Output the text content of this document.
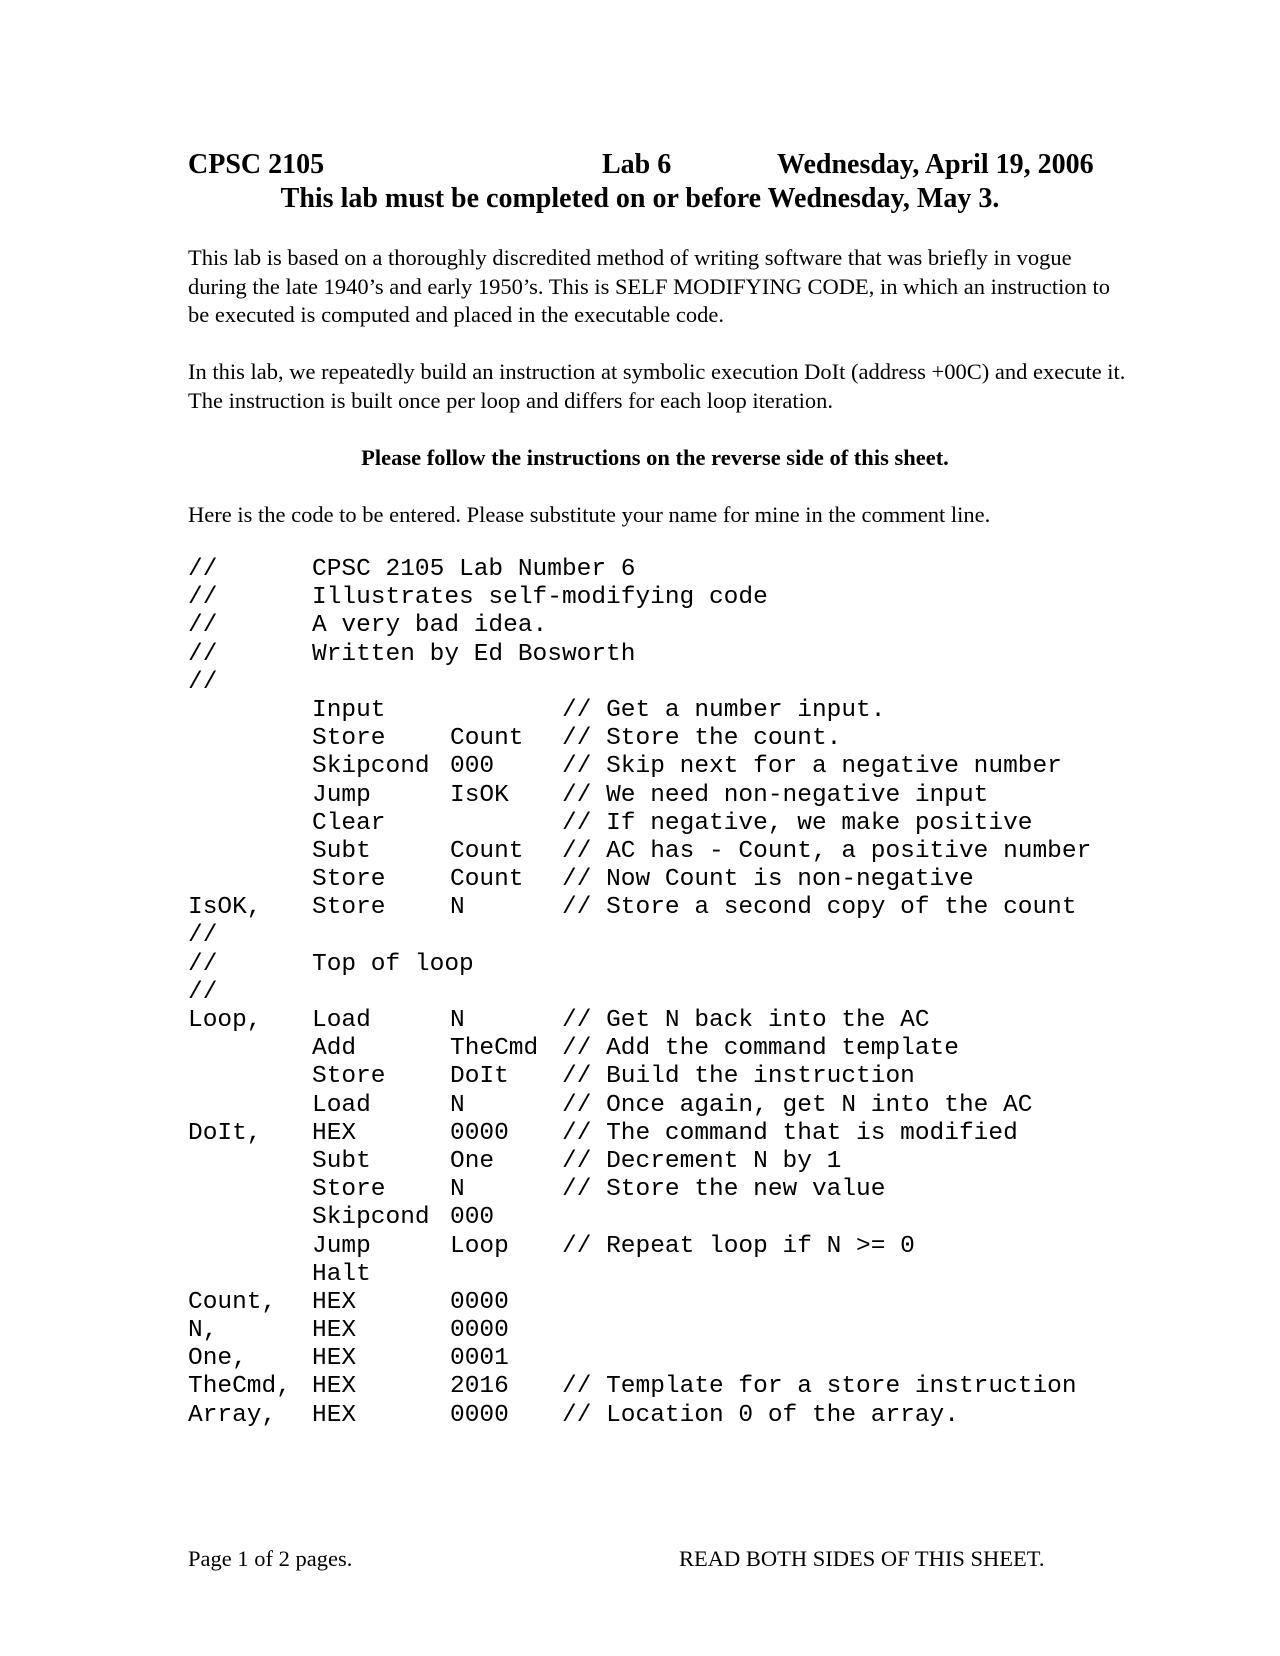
CPSC 2105	Lab 6	Wednesday, April 19, 2006
This lab must be completed on or before Wednesday, May 3.
This lab is based on a thoroughly discredited method of writing software that was briefly in vogue during the late 1940’s and early 1950’s. This is SELF MODIFYING CODE, in which an instruction to be executed is computed and placed in the executable code.
In this lab, we repeatedly build an instruction at symbolic execution DoIt (address +00C) and execute it. The instruction is built once per loop and differs for each loop iteration.
Please follow the instructions on the reverse side of this sheet.
Here is the code to be entered. Please substitute your name for mine in the comment line.
//	CPSC 2105 Lab Number 6
//	Illustrates self-modifying code
//	A very bad idea.
//	Written by Ed Bosworth
//
Input	// Get a number input.
Store	Count // Store the count.
Skipcond 000	// Skip next for a negative number
Jump	IsOK // We need non-negative input
Clear	// If negative, we make positive
Subt	Count // AC has - Count, a positive number
Store	Count // Now Count is non-negative
IsOK, Store	N	// Store a second copy of the count
//
//	Top of loop
//
Loop, Load	N	// Get N back into the AC
Add	TheCmd // Add the command template
Store	DoIt // Build the instruction
Load	N	// Once again, get N into the AC
DoIt, HEX	0000 // The command that is modified
Subt	One	// Decrement N by 1
Store	N	// Store the new value
Skipcond 000
Jump	Loop // Repeat loop if N >= 0
Halt
Count, HEX	0000
N,	HEX	0000
One,	HEX	0001
TheCmd, HEX	2016 // Template for a store instruction
Array, HEX	0000 // Location 0 of the array.
Page 1 of 2 pages.	READ BOTH SIDES OF THIS SHEET.
